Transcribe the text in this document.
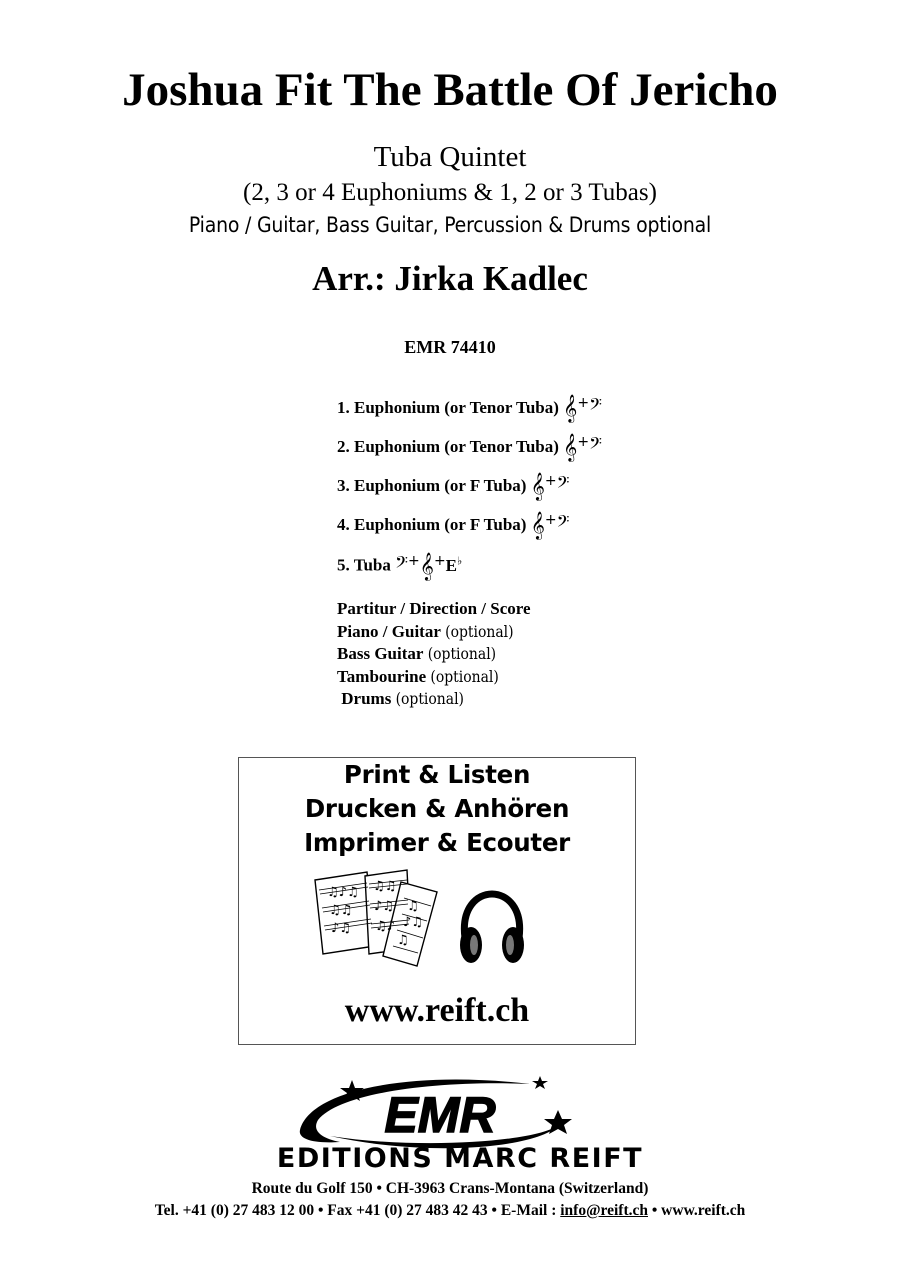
Joshua Fit The Battle Of Jericho
Tuba Quintet
(2, 3 or 4 Euphoniums & 1, 2 or 3 Tubas)
Piano / Guitar, Bass Guitar, Percussion & Drums optional
Arr.: Jirka Kadlec
EMR 74410
1. Euphonium (or Tenor Tuba) 𝄞+𝄢
2. Euphonium (or Tenor Tuba) 𝄞+𝄢
3. Euphonium (or F Tuba) 𝄞+𝄢
4. Euphonium (or F Tuba) 𝄞+𝄢
5. Tuba 𝄢+𝄞+E♭
Partitur / Direction / Score
Piano / Guitar (optional)
Bass Guitar (optional)
Tambourine (optional)
Drums (optional)
Print & Listen
Drucken & Anhören
Imprimer & Ecouter
♫♪♫
♫♫
♪♫
♫♫
♪♫
♫♪
♫
♪♫
♫
www.reift.ch
EMR
EDITIONS MARC REIFT
Route du Golf 150 • CH-3963 Crans-Montana (Switzerland)
Tel. +41 (0) 27 483 12 00 • Fax +41 (0) 27 483 42 43 • E-Mail : info@reift.ch • www.reift.ch
